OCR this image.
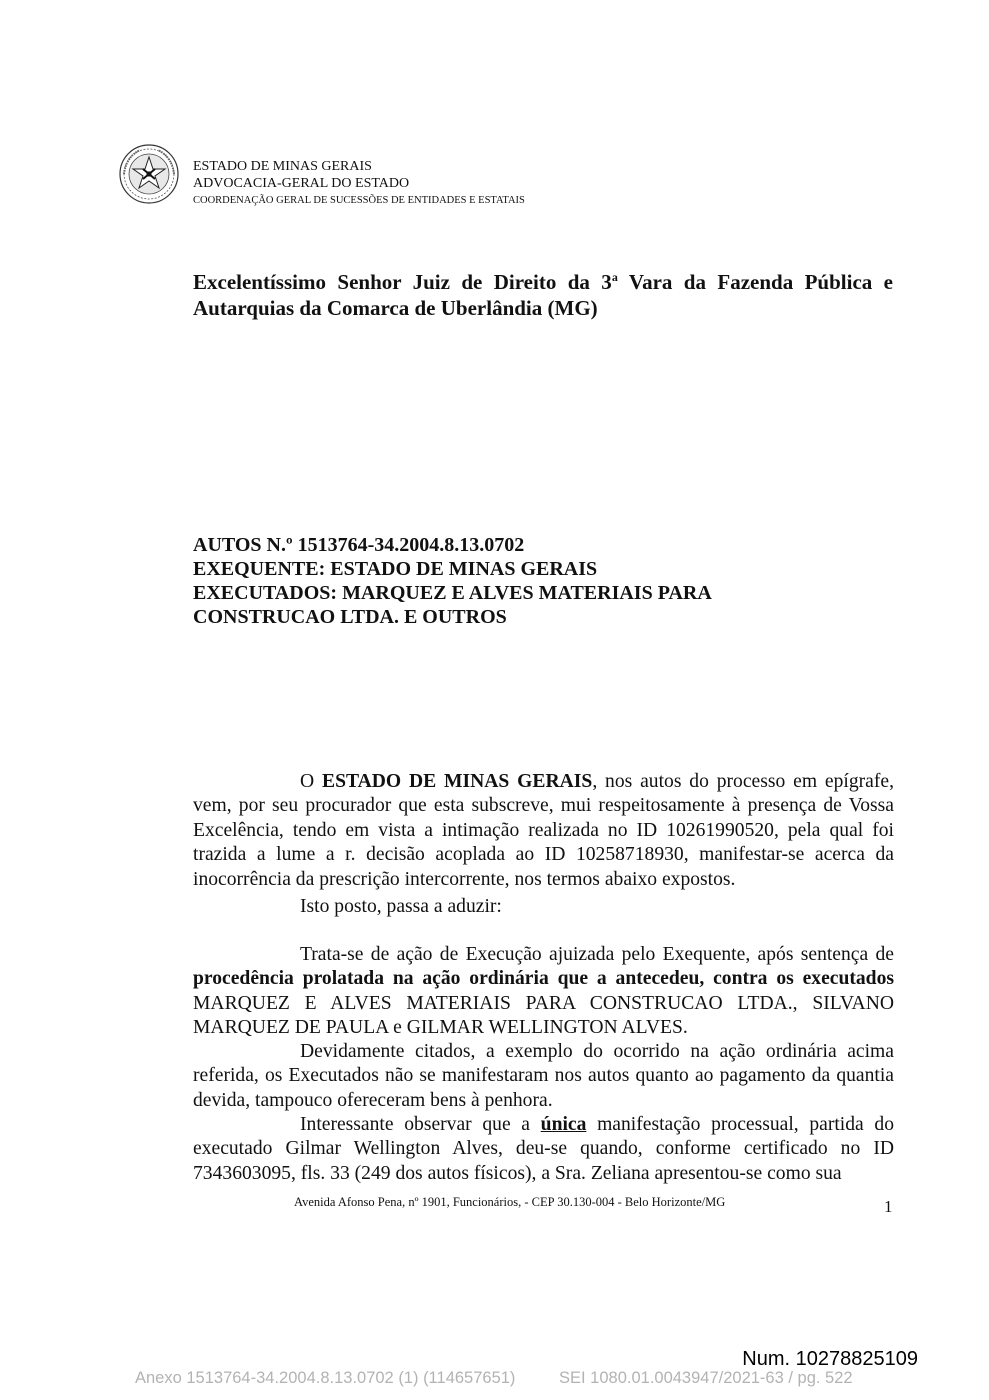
ESTADO DE MINAS GERAIS
ADVOCACIA-GERAL DO ESTADO
COORDENAÇÃO GERAL DE SUCESSÕES DE ENTIDADES E ESTATAIS
Excelentíssimo Senhor Juiz de Direito da 3$^a$ Vara da Fazenda Pública e Autarquias da Comarca de Uberlândia (MG)
AUTOS N.º 1513764-34.2004.8.13.0702
EXEQUENTE: ESTADO DE MINAS GERAIS
EXECUTADOS: MARQUEZ E ALVES MATERIAIS PARA
CONSTRUCAO LTDA. E OUTROS
O ESTADO DE MINAS GERAIS, nos autos do processo em epígrafe, vem, por seu procurador que esta subscreve, mui respeitosamente à presença de Vossa Excelência, tendo em vista a intimação realizada no ID 10261990520, pela qual foi trazida a lume a r. decisão acoplada ao ID 10258718930, manifestar-se acerca da inocorrência da prescrição intercorrente, nos termos abaixo expostos.
Isto posto, passa a aduzir:
Trata-se de ação de Execução ajuizada pelo Exequente, após sentença de procedência prolatada na ação ordinária que a antecedeu, contra os executados MARQUEZ E ALVES MATERIAIS PARA CONSTRUCAO LTDA., SILVANO MARQUEZ DE PAULA e GILMAR WELLINGTON ALVES.
Devidamente citados, a exemplo do ocorrido na ação ordinária acima referida, os Executados não se manifestaram nos autos quanto ao pagamento da quantia devida, tampouco ofereceram bens à penhora.
Interessante observar que a única manifestação processual, partida do executado Gilmar Wellington Alves, deu-se quando, conforme certificado no ID 7343603095, fls. 33 (249 dos autos físicos), a Sra. Zeliana apresentou-se como sua
Avenida Afonso Pena, nº 1901, Funcionários, - CEP 30.130-004 - Belo Horizonte/MG	1
Num. 10278825109
Anexo 1513764-34.2004.8.13.0702 (1) (114657651)	SEI 1080.01.0043947/2021-63 / pg. 522
